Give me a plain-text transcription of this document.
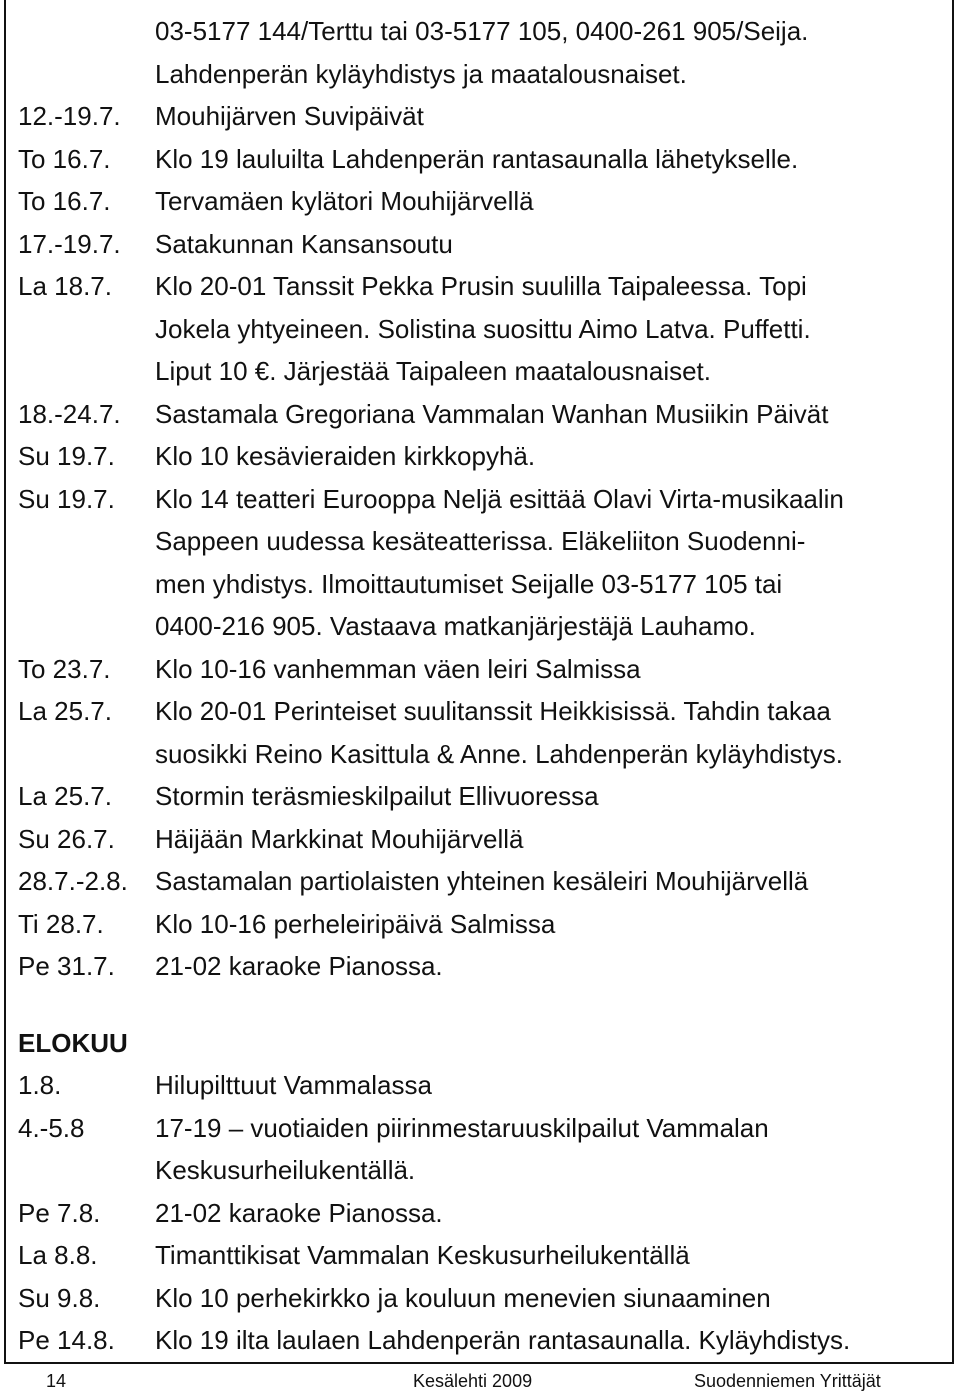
03-5177 144/Terttu tai 03-5177 105, 0400-261 905/Seija.
Lahdenperän kyläyhdistys ja maatalousnaiset.
12.-19.7.	Mouhijärven Suvipäivät
To 16.7.	Klo 19 lauluilta Lahdenperän rantasaunalla lähetykselle.
To 16.7.	Tervamäen kylätori Mouhijärvellä
17.-19.7.	Satakunnan Kansansoutu
La 18.7.	Klo 20-01 Tanssit Pekka Prusin suulilla Taipaleessa. Topi
Jokela yhtyeineen. Solistina suosittu Aimo Latva. Puffetti.
Liput 10 €. Järjestää Taipaleen maatalousnaiset.
18.-24.7.	Sastamala Gregoriana Vammalan Wanhan Musiikin Päivät
Su 19.7.	Klo 10 kesävieraiden kirkkopyhä.
Su 19.7.	Klo 14 teatteri Eurooppa Neljä esittää Olavi Virta-musikaalin
Sappeen uudessa kesäteatterissa. Eläkeliiton Suodenni-
men yhdistys. Ilmoittautumiset Seijalle 03-5177 105 tai
0400-216 905. Vastaava matkanjärjestäjä Lauhamo.
To 23.7.	Klo 10-16 vanhemman väen leiri Salmissa
La 25.7.	Klo 20-01 Perinteiset suulitanssit Heikkisissä. Tahdin takaa
suosikki Reino Kasittula & Anne. Lahdenperän kyläyhdistys.
La 25.7.	Stormin teräsmieskilpailut Ellivuoressa
Su 26.7.	Häijään Markkinat Mouhijärvellä
28.7.-2.8.	Sastamalan partiolaisten yhteinen kesäleiri Mouhijärvellä
Ti 28.7.	Klo 10-16 perheleiripäivä Salmissa
Pe 31.7.	21-02 karaoke Pianossa.
ELOKUU
1.8.	Hilupilttuut Vammalassa
4.-5.8	17-19 – vuotiaiden piirinmestaruuskilpailut Vammalan
Keskusurheilukentällä.
Pe 7.8.	21-02 karaoke Pianossa.
La 8.8.	Timanttikisat Vammalan Keskusurheilukentällä
Su 9.8.	Klo 10 perhekirkko ja kouluun menevien siunaaminen
Pe 14.8.	Klo 19 ilta laulaen Lahdenperän rantasaunalla. Kyläyhdistys.
14	Kesälehti 2009	Suodenniemen Yrittäjät
